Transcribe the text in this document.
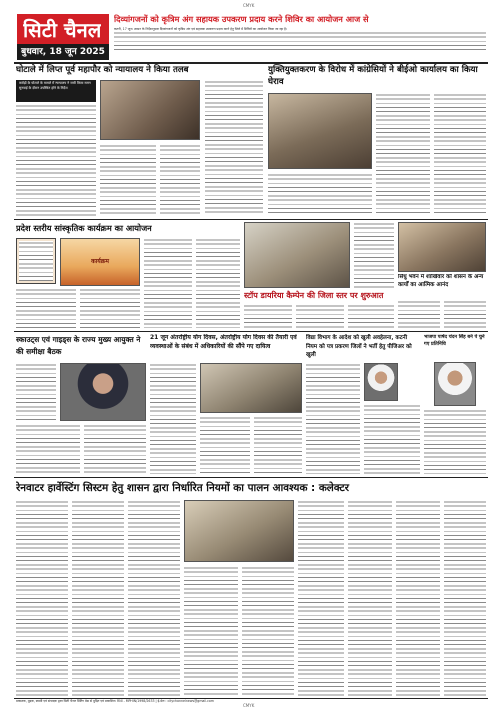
CMYK
सिटी चैनल
बुधवार, 18 जून 2025
दिव्यांगजनों को कृत्रिम अंग सहायक उपकरण प्रदाय करने शिविर का आयोजन आज से
कटनी, 17 जून। शासन के निर्देशानुसार दिव्यांगजनों को कृत्रिम अंग एवं सहायक उपकरण प्रदाय करने हेतु जिले में शिविरों का आयोजन किया जा रहा है।
घोटाले में लिप्त पूर्व महापौर को न्यायालय ने किया तलब
करोड़ों के घोटाले के मामले में न्यायालय ने जारी किया समन
सुनवाई के दौरान उपस्थित होने के निर्देश
युक्तियुक्तकरण के विरोध में कांग्रेसियों ने बीईओ कार्यालय का किया घेराव
प्रदेश स्तरीय सांस्कृतिक कार्यक्रम का आयोजन
कार्यक्रम
स्टॉप डायरिया कैम्पेन की जिला स्तर पर शुरुआत
सिंधु भवन में शाखिवार को शासन के अन्य कार्यों का आत्मिक आनंद
स्काउट्स एवं गाइड्स के राज्य मुख्य आयुक्त ने की समीक्षा बैठक
21 जून अंतर्राष्ट्रीय योग दिवस, अंतर्राष्ट्रीय योग दिवस की तैयारी एवं व्यवस्थाओं के संबंध में अधिकारियों की सौंपे गए दायित्व
विद्या विभाग के आदेश को खुली अवहेलना, कटनी नियम को पत्र प्रकरण जिलों ने भर्ती हेतु पीजिअर को खुली
भाजपा पार्षद चंदन सिंह बने पे चुने गए प्रतिनिधि
रेनवाटर हार्वेस्टिंग सिस्टम हेतु शासन द्वारा निर्धारित नियमों का पालन आवश्यक : कलेक्टर
प्रकाशक, मुद्रक, स्वामी एवं संपादक द्वारा सिटी चैनल प्रिंटिंग प्रेस से मुद्रित एवं प्रकाशित। RNI - MPHIN/1998/2633 | ई-मेल : citychannelnews@gmail.com
CMYK
